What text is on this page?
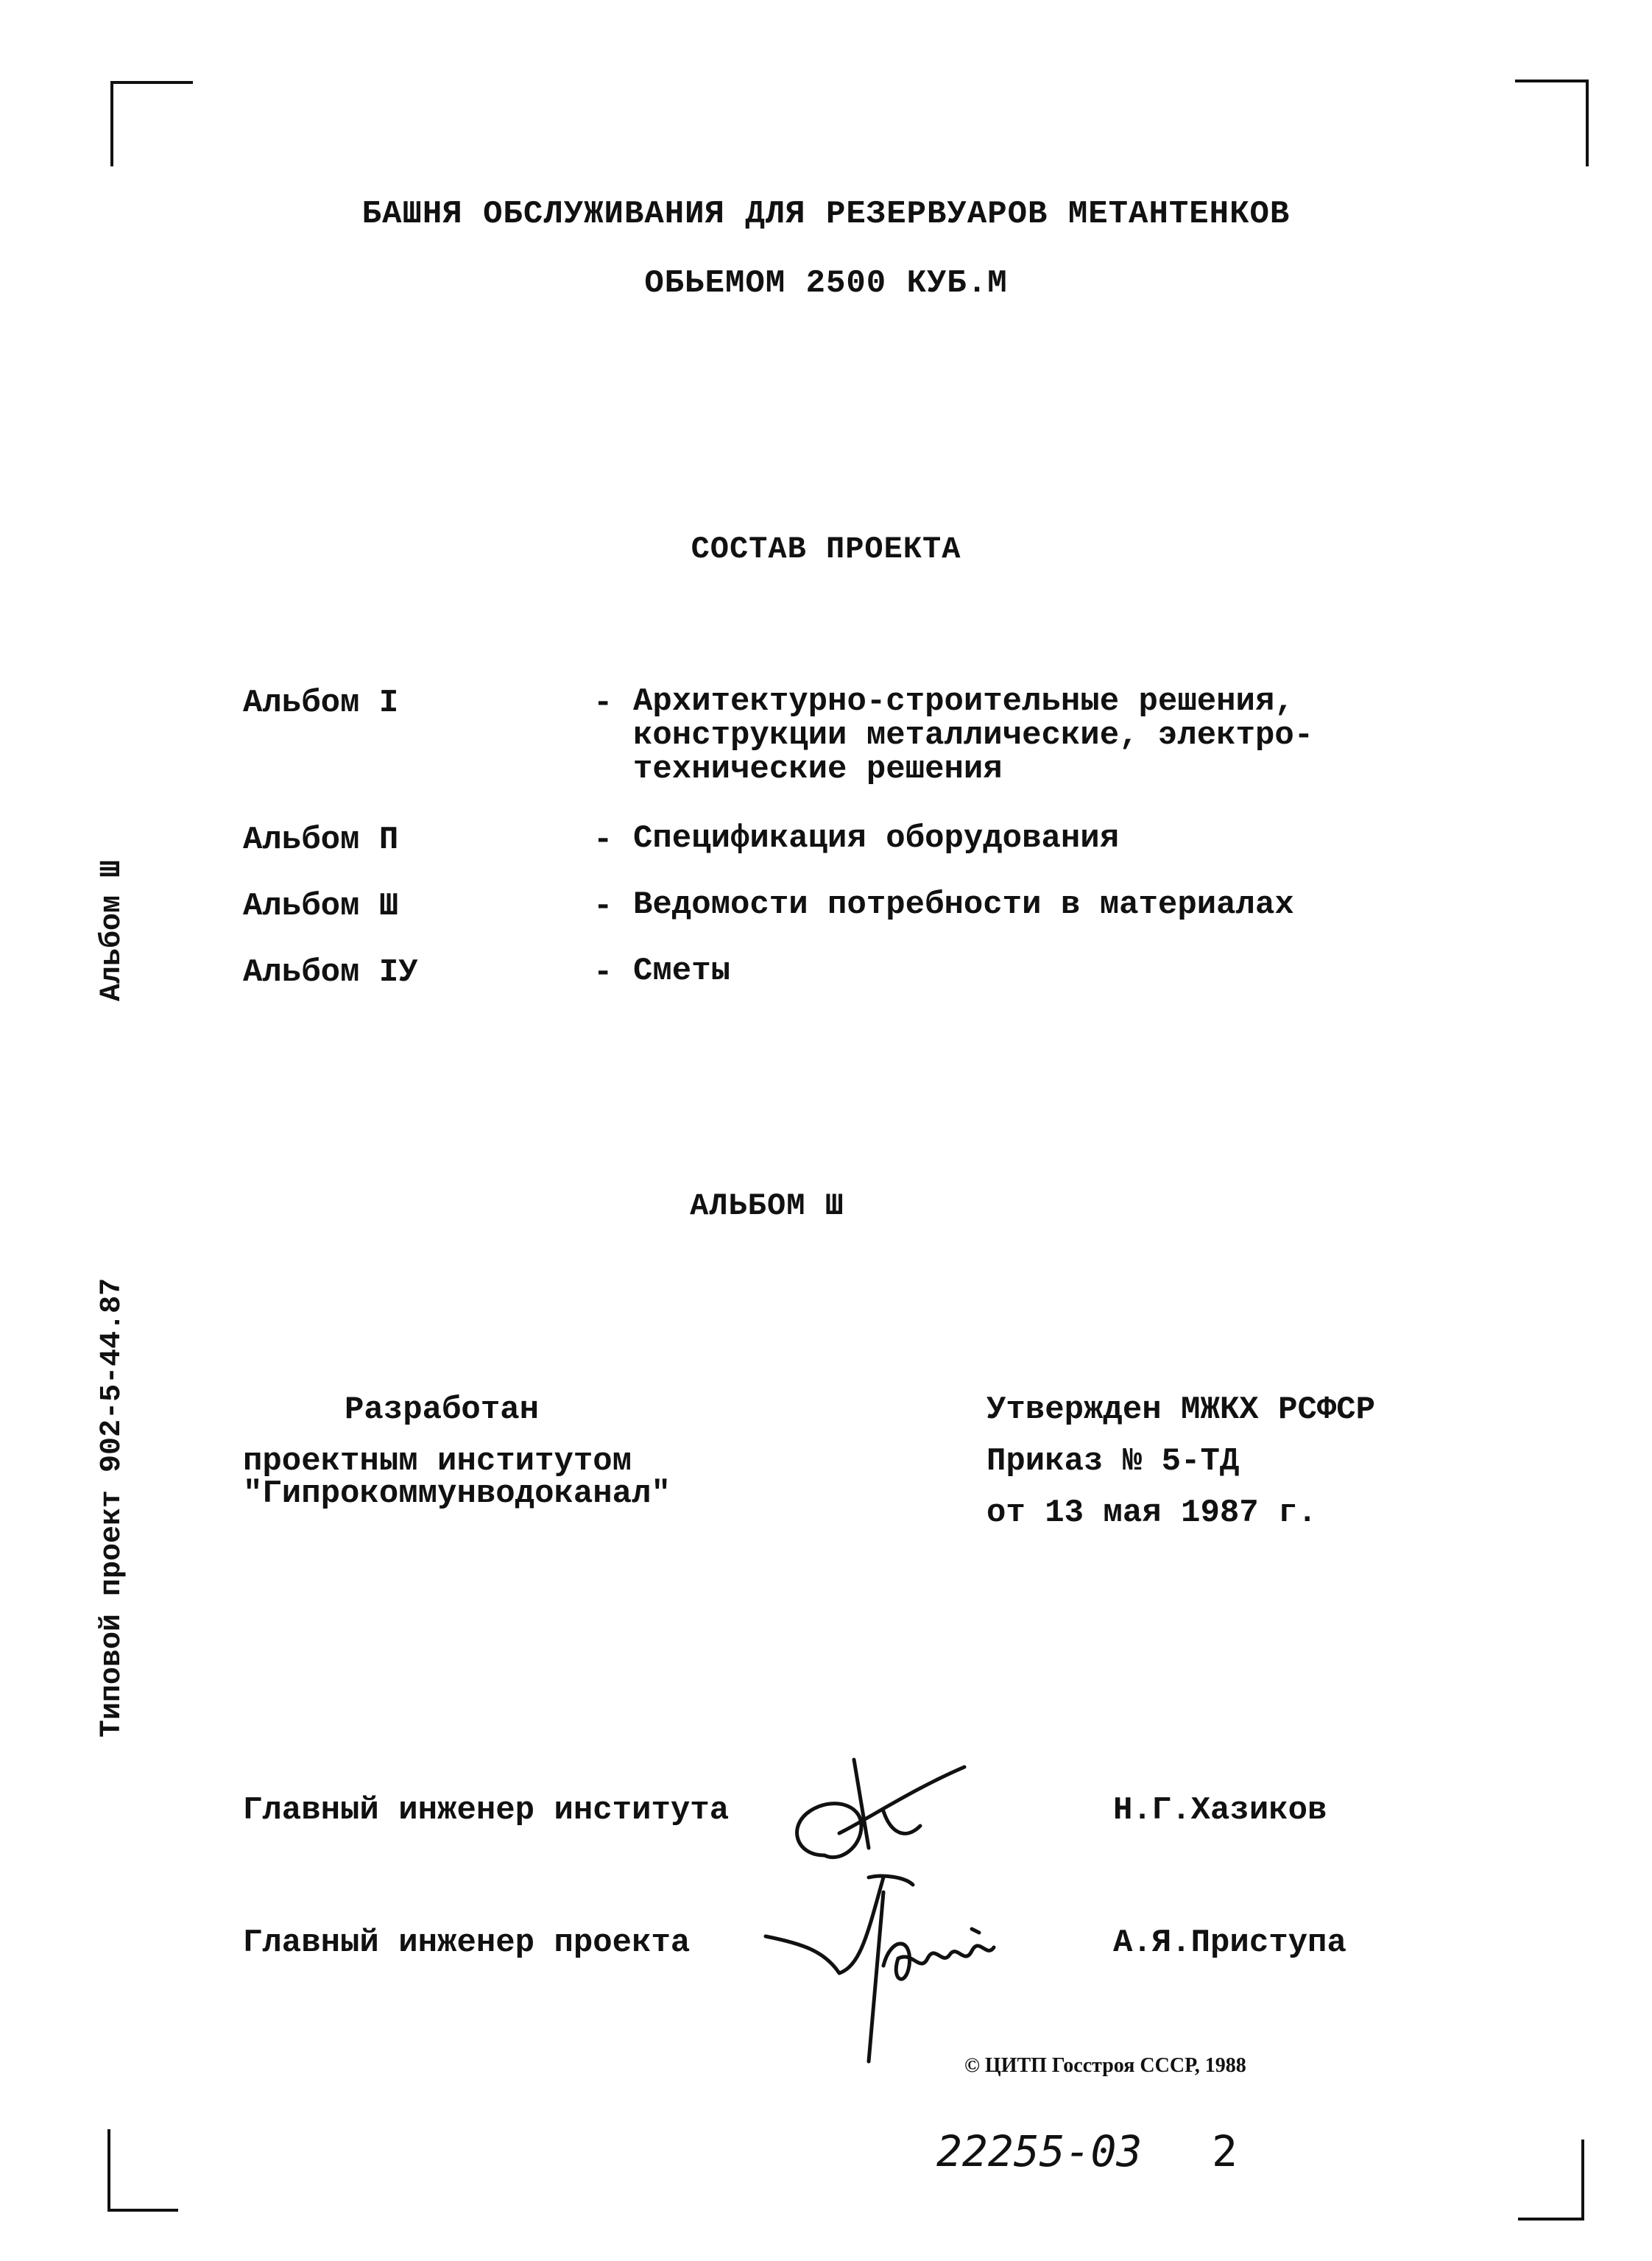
БАШНЯ ОБСЛУЖИВАНИЯ ДЛЯ РЕЗЕРВУАРОВ МЕТАНТЕНКОВ
ОБЬЕМОМ 2500 КУБ.М
СОСТАВ ПРОЕКТА
Альбом I	- Архитектурно-строительные решения,
конструкции металлические, электро-
технические решения
Альбом П	- Спецификация оборудования
Альбом Ш	- Ведомости потребности в материалах
Альбом IУ	- Сметы
АЛЬБОМ Ш
Разработан
проектным институтом
"Гипрокоммунводоканал"
Утвержден МЖКХ РСФСР
Приказ № 5-ТД
от 13 мая 1987 г.
Главный инженер института	Н.Г.Хазиков
Главный инженер проекта	А.Я.Приступа
© ЦИТП Госстроя СССР, 1988
22255-03 2
Альбом Ш
Типовой проект 902-5-44.87
